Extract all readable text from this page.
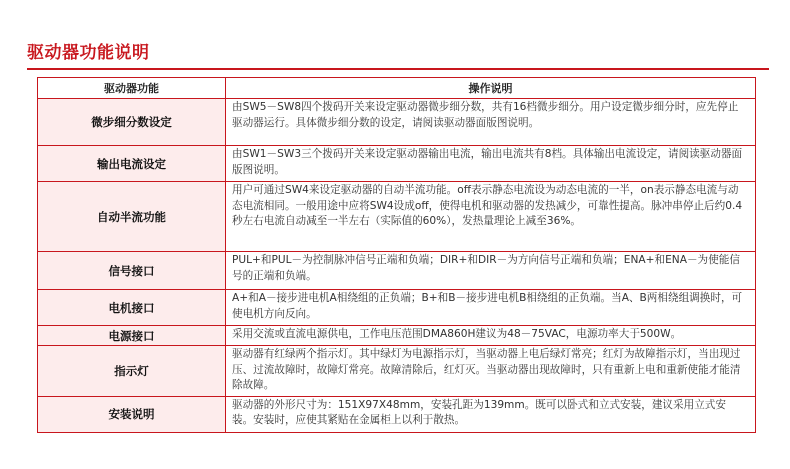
驱动器功能说明
驱动器功能	操作说明
微步细分数设定	由SW5－SW8四个拨码开关来设定驱动器微步细分数，共有16档微步细分。用户设定微步细分时，应先停止驱动器运行。具体微步细分数的设定，请阅读驱动器面版图说明。
输出电流设定	由SW1－SW3三个拨码开关来设定驱动器输出电流，输出电流共有8档。具体输出电流设定，请阅读驱动器面版图说明。
自动半流功能	用户可通过SW4来设定驱动器的自动半流功能。off表示静态电流设为动态电流的一半，on表示静态电流与动态电流相同。一般用途中应将SW4设成off，使得电机和驱动器的发热减少，可靠性提高。脉冲串停止后约0.4秒左右电流自动减至一半左右（实际值的60%），发热量理论上减至36%。
信号接口	PUL+和PUL－为控制脉冲信号正端和负端；DIR+和DIR－为方向信号正端和负端；ENA+和ENA－为使能信号的正端和负端。
电机接口	A+和A－接步进电机A相绕组的正负端；B+和B－接步进电机B相绕组的正负端。当A、B两相绕组调换时，可使电机方向反向。
电源接口	采用交流或直流电源供电，工作电压范围DMA860H建议为48－75VAC，电源功率大于500W。
指示灯	驱动器有红绿两个指示灯。其中绿灯为电源指示灯，当驱动器上电后绿灯常亮；红灯为故障指示灯，当出现过压、过流故障时，故障灯常亮。故障清除后，红灯灭。当驱动器出现故障时，只有重新上电和重新使能才能清除故障。
安装说明	驱动器的外形尺寸为：151X97X48mm，安装孔距为139mm。既可以卧式和立式安装，建议采用立式安装。安装时，应使其紧贴在金属柜上以利于散热。
